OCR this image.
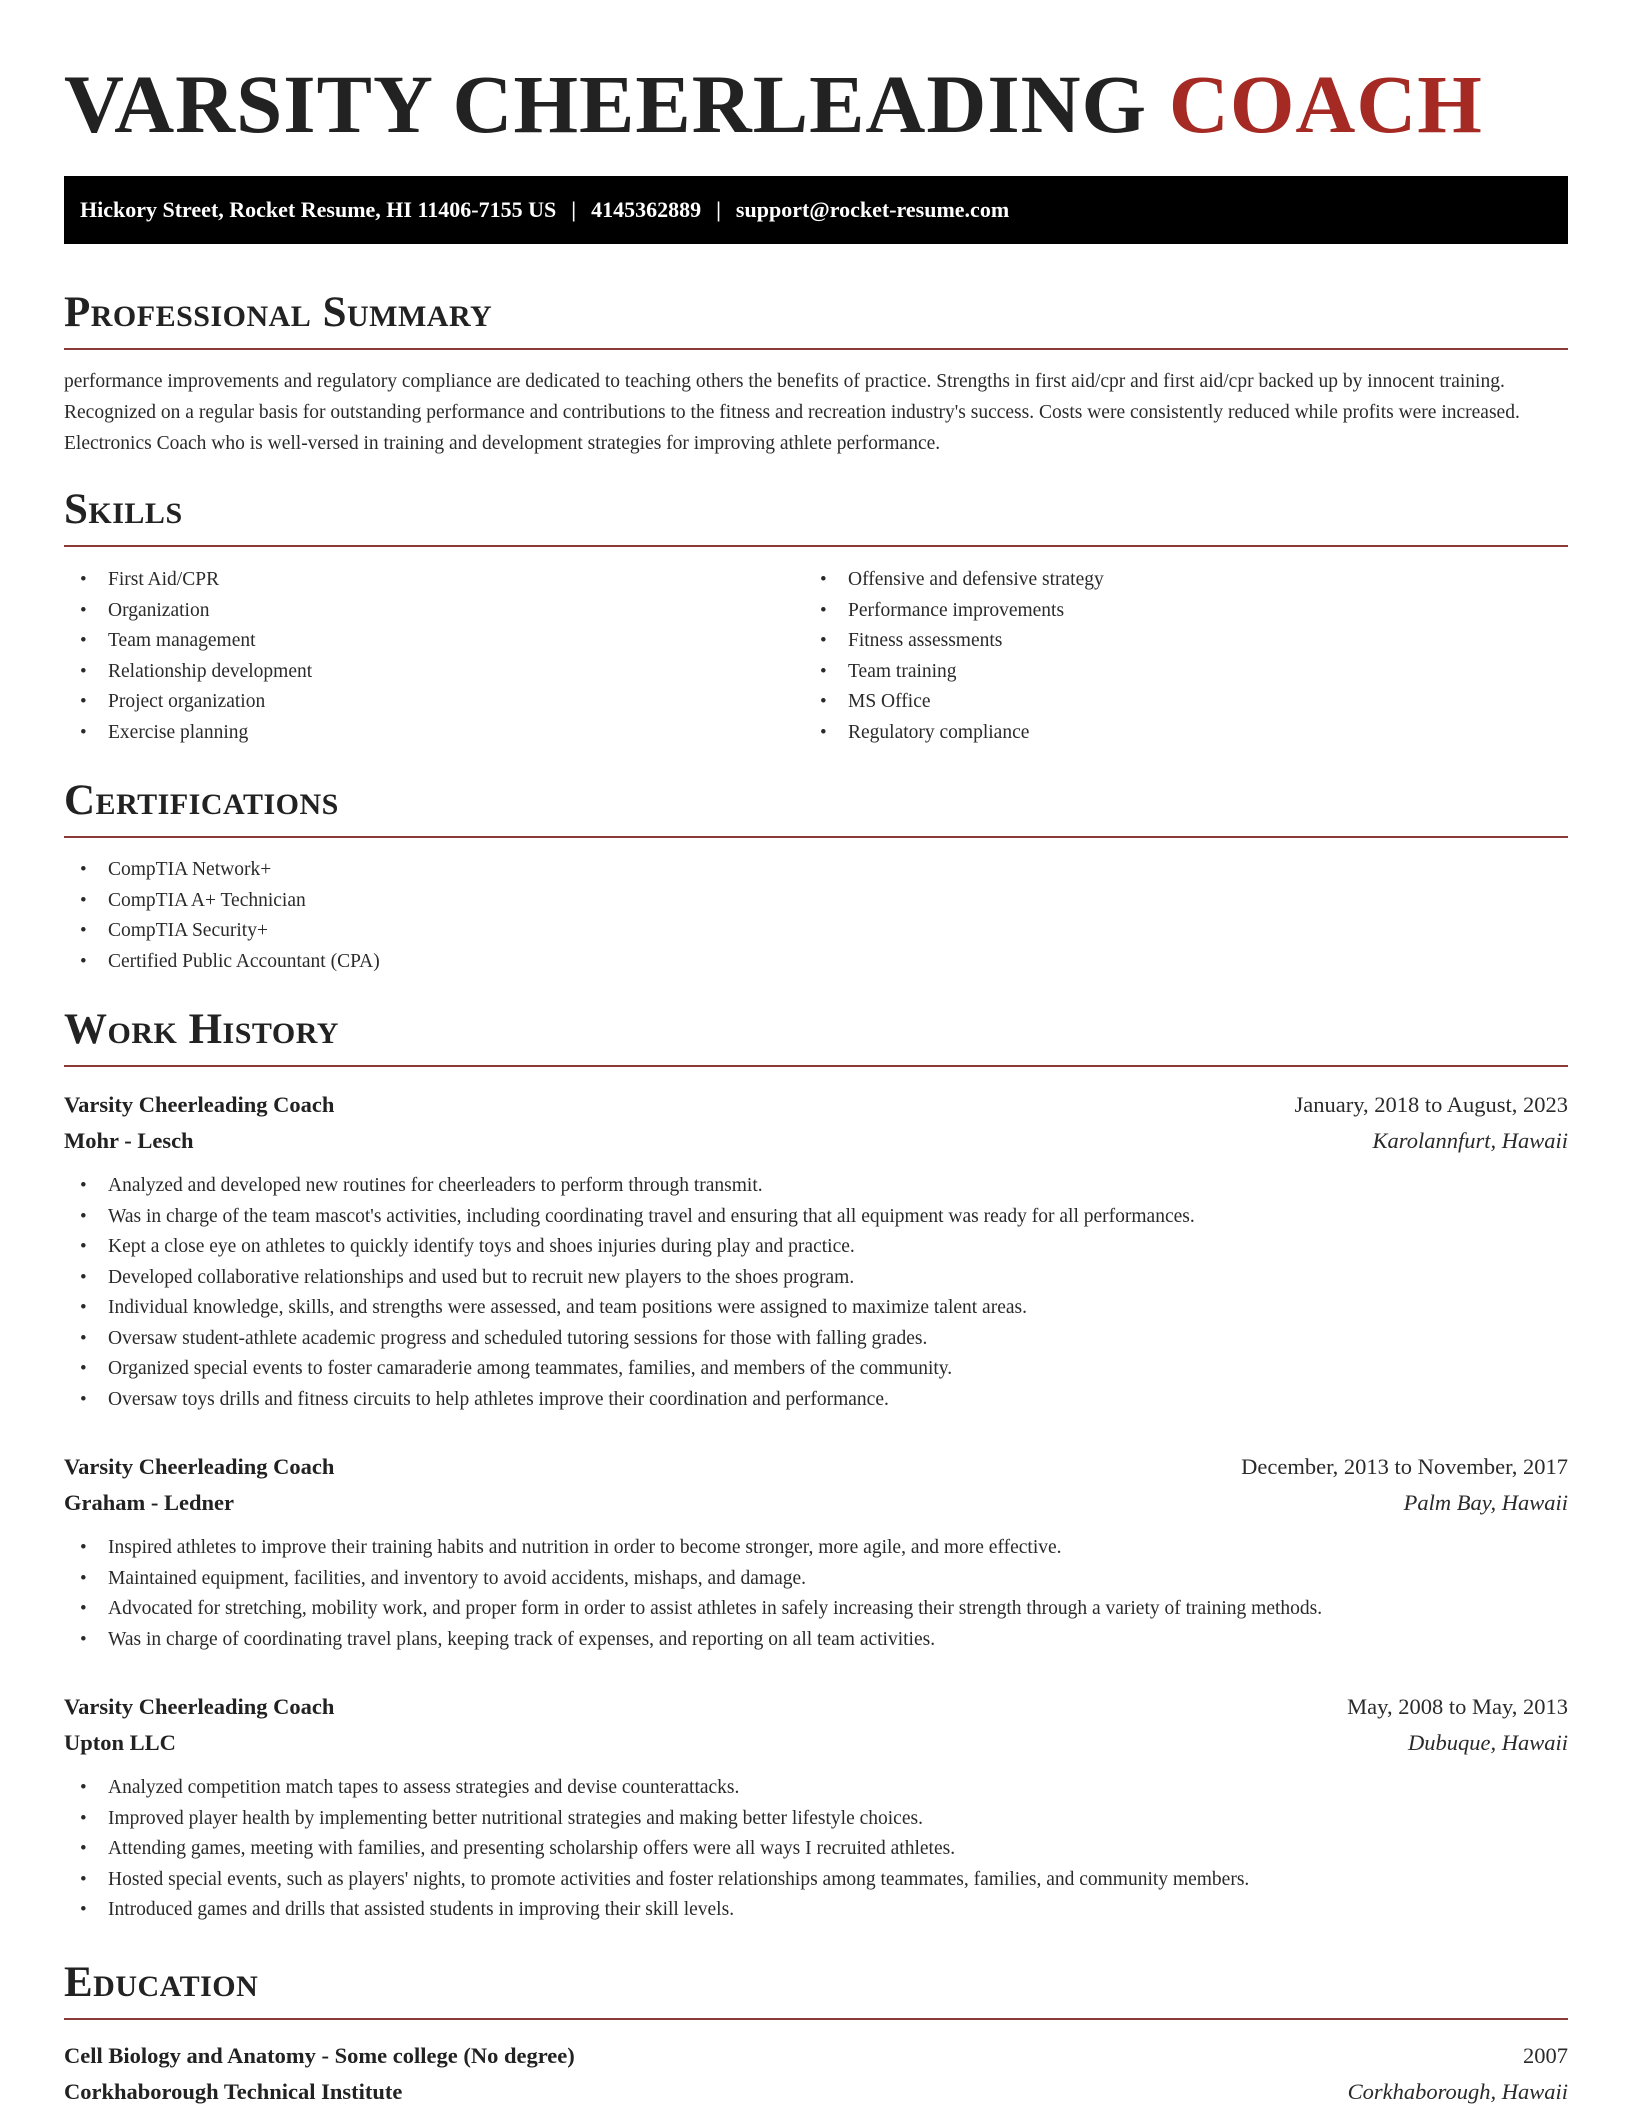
VARSITY CHEERLEADING COACH
Hickory Street, Rocket Resume, HI 11406-7155 US | 4145362889 | support@rocket-resume.com
Professional Summary

performance improvements and regulatory compliance are dedicated to teaching others the benefits of practice. Strengths in first aid/cpr and first aid/cpr backed up by innocent training. Recognized on a regular basis for outstanding performance and contributions to the fitness and recreation industry's success. Costs were consistently reduced while profits were increased. Electronics Coach who is well-versed in training and development strategies for improving athlete performance.

Skills
• First Aid/CPR
• Organization
• Team management
• Relationship development
• Project organization
• Exercise planning
• Offensive and defensive strategy
• Performance improvements
• Fitness assessments
• Team training
• MS Office
• Regulatory compliance
Certifications
• CompTIA Network+
• CompTIA A+ Technician
• CompTIA Security+
• Certified Public Accountant (CPA)
Work History
Varsity Cheerleading Coach	January, 2018 to August, 2023
Mohr - Lesch	Karolannfurt, Hawaii
• Analyzed and developed new routines for cheerleaders to perform through transmit.
• Was in charge of the team mascot's activities, including coordinating travel and ensuring that all equipment was ready for all performances.
• Kept a close eye on athletes to quickly identify toys and shoes injuries during play and practice.
• Developed collaborative relationships and used but to recruit new players to the shoes program.
• Individual knowledge, skills, and strengths were assessed, and team positions were assigned to maximize talent areas.
• Oversaw student-athlete academic progress and scheduled tutoring sessions for those with falling grades.
• Organized special events to foster camaraderie among teammates, families, and members of the community.
• Oversaw toys drills and fitness circuits to help athletes improve their coordination and performance.
Varsity Cheerleading Coach	December, 2013 to November, 2017
Graham - Ledner	Palm Bay, Hawaii
• Inspired athletes to improve their training habits and nutrition in order to become stronger, more agile, and more effective.
• Maintained equipment, facilities, and inventory to avoid accidents, mishaps, and damage.
• Advocated for stretching, mobility work, and proper form in order to assist athletes in safely increasing their strength through a variety of training methods.
• Was in charge of coordinating travel plans, keeping track of expenses, and reporting on all team activities.
Varsity Cheerleading Coach	May, 2008 to May, 2013
Upton LLC	Dubuque, Hawaii
• Analyzed competition match tapes to assess strategies and devise counterattacks.
• Improved player health by implementing better nutritional strategies and making better lifestyle choices.
• Attending games, meeting with families, and presenting scholarship offers were all ways I recruited athletes.
• Hosted special events, such as players' nights, to promote activities and foster relationships among teammates, families, and community members.
• Introduced games and drills that assisted students in improving their skill levels.
Education
Cell Biology and Anatomy - Some college (No degree)	2007
Corkhaborough Technical Institute	Corkhaborough, Hawaii
